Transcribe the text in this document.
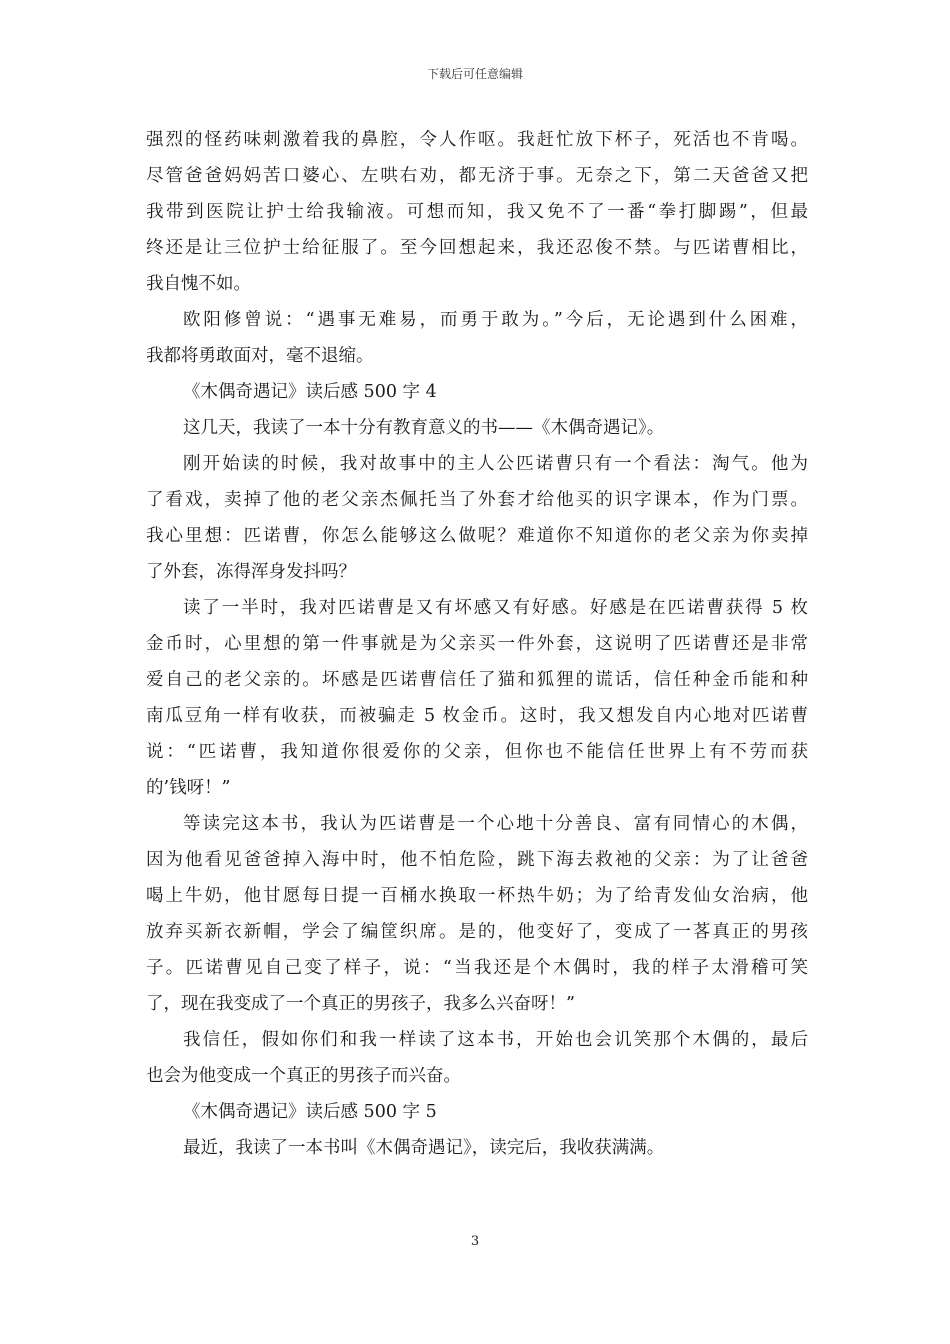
下载后可任意编辑
强烈的怪药味刺激着我的鼻腔，令人作呕。我赶忙放下杯子，死活也不肯喝。
尽管爸爸妈妈苦口婆心、左哄右劝，都无济于事。无奈之下，第二天爸爸又把
我带到医院让护士给我输液。可想而知，我又免不了一番“拳打脚踢”，但最
终还是让三位护士给征服了。至今回想起来，我还忍俊不禁。与匹诺曹相比，
我自愧不如。
欧阳修曾说：“遇事无难易，而勇于敢为。”今后，无论遇到什么困难，
我都将勇敢面对，毫不退缩。
《木偶奇遇记》读后感 500 字 4
这几天，我读了一本十分有教育意义的书——《木偶奇遇记》。
刚开始读的时候，我对故事中的主人公匹诺曹只有一个看法：淘气。他为
了看戏，卖掉了他的老父亲杰佩托当了外套才给他买的识字课本，作为门票。
我心里想：匹诺曹，你怎么能够这么做呢？难道你不知道你的老父亲为你卖掉
了外套，冻得浑身发抖吗？
读了一半时，我对匹诺曹是又有坏感又有好感。好感是在匹诺曹获得 5 枚
金币时，心里想的第一件事就是为父亲买一件外套，这说明了匹诺曹还是非常
爱自己的老父亲的。坏感是匹诺曹信任了猫和狐狸的谎话，信任种金币能和种
南瓜豆角一样有收获，而被骗走 5 枚金币。这时，我又想发自内心地对匹诺曹
说：“匹诺曹，我知道你很爱你的父亲，但你也不能信任世界上有不劳而获
的’钱呀！”
等读完这本书，我认为匹诺曹是一个心地十分善良、富有同情心的木偶，
因为他看见爸爸掉入海中时，他不怕危险，跳下海去救祂的父亲：为了让爸爸
喝上牛奶，他甘愿每日提一百桶水换取一杯热牛奶；为了给青发仙女治病，他
放弃买新衣新帽，学会了编筐织席。是的，他变好了，变成了一茖真正的男孩
子。匹诺曹见自己变了样子，说：“当我还是个木偶时，我的样子太滑稽可笑
了，现在我变成了一个真正的男孩子，我多么兴奋呀！”
我信任，假如你们和我一样读了这本书，开始也会讥笑那个木偶的，最后
也会为他变成一个真正的男孩子而兴奋。
《木偶奇遇记》读后感 500 字 5
最近，我读了一本书叫《木偶奇遇记》，读完后，我收获满满。
3
